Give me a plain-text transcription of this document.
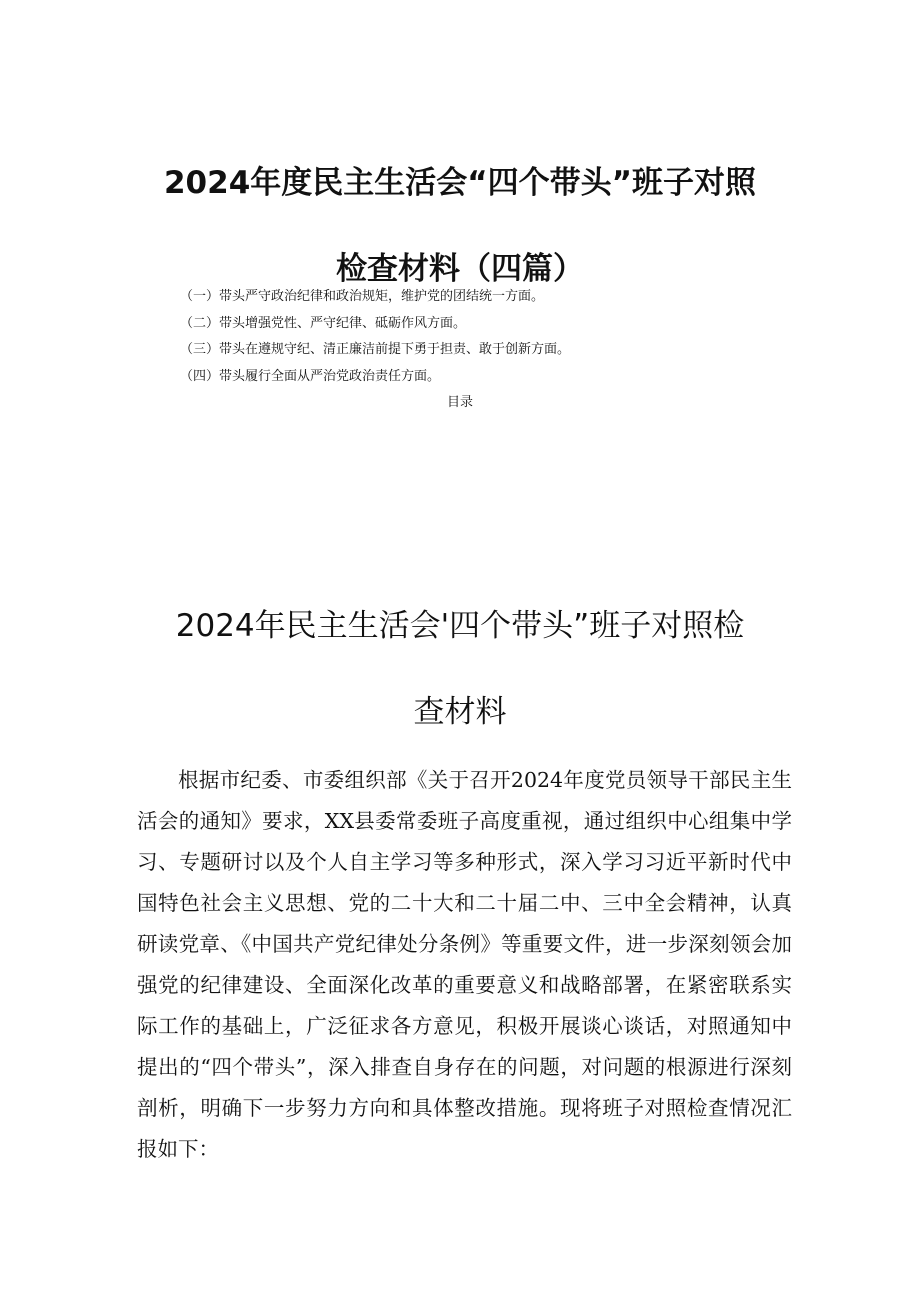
2024年度民主生活会“四个带头”班子对照
检查材料（四篇）
（一）带头严守政治纪律和政治规矩，维护党的团结统一方面。
（二）带头增强党性、严守纪律、砥砺作风方面。
（三）带头在遵规守纪、清正廉洁前提下勇于担责、敢于创新方面。
（四）带头履行全面从严治党政治责任方面。
目录
2024年民主生活会'四个带头”班子对照检
查材料

根据市纪委、市委组织部《关于召开2024年度党员领导干部民主生活会的通知》要求，XX县委常委班子高度重视，通过组织中心组集中学习、专题研讨以及个人自主学习等多种形式，深入学习习近平新时代中国特色社会主义思想、党的二十大和二十届二中、三中全会精神，认真研读党章、《中国共产党纪律处分条例》等重要文件，进一步深刻领会加强党的纪律建设、全面深化改革的重要意义和战略部署，在紧密联系实际工作的基础上，广泛征求各方意见，积极开展谈心谈话，对照通知中提出的“四个带头”，深入排查自身存在的问题，对问题的根源进行深刻剖析，明确下一步努力方向和具体整改措施。现将班子对照检查情况汇报如下：
